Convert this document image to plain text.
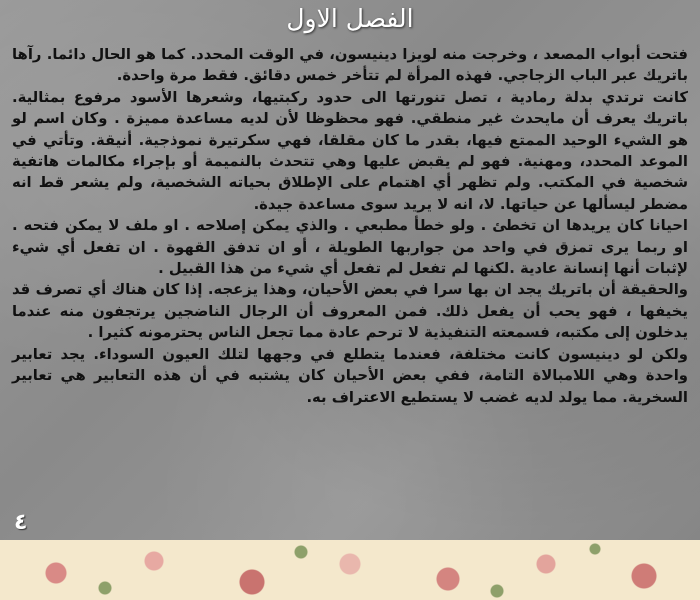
الفصل الاول

فتحت أبواب المصعد ، وخرجت منه لويزا دينيسون، في الوقت المحدد. كما هو الحال دائما. رآها باتريك عبر الباب الزجاجي. فهذه المرأة لم تتأخر خمس دقائق. فقط مرة واحدة.

كانت ترتدي بدلة رمادية ، تصل تنورتها الى حدود ركبتيها، وشعرها الأسود مرفوع بمثالية. باتريك يعرف أن مايحدث غير منطقي. فهو محظوظا لأن لديه مساعدة مميزة . وكان اسم لو هو الشيء الوحيد الممتع فيها، بقدر ما كان مقلقا، فهي سكرتيرة نموذجية. أنيقة. وتأتي في الموعد المحدد، ومهنية. فهو لم يقبض عليها وهي تتحدث بالنميمة أو بإجراء مكالمات هاتفية شخصية في المكتب. ولم تظهر أي اهتمام على الإطلاق بحياته الشخصية، ولم يشعر قط انه مضطر ليسألها عن حياتها. لا، انه لا يريد سوى مساعدة جيدة.

احيانا كان يريدها ان تخطئ . ولو خطأ مطبعي . والذي يمكن إصلاحه . او ملف لا يمكن فتحه . او ربما يرى تمزق في واحد من جواربها الطويلة ، أو ان تدفق القهوة . ان تفعل أي شيء لإثبات أنها إنسانة عادية .لكنها لم تفعل لم تفعل أي شيء من هذا القبيل .

والحقيقة أن باتريك يجد ان بها سرا في بعض الأحيان، وهذا يزعجه. إذا كان هناك أي تصرف قد يخيفها ، فهو يحب أن يفعل ذلك. فمن المعروف أن الرجال الناضجين يرتجفون منه عندما يدخلون إلى مكتبه، فسمعته التنفيذية لا ترحم عادة مما تجعل الناس يحترمونه كثيرا .

ولكن لو دينيسون كانت مختلفة، فعندما يتطلع في وجهها لتلك العيون السوداء. يجد تعابير واحدة وهي اللامبالاة التامة، ففي بعض الأحيان كان يشتبه في أن هذه التعابير هي تعابير السخرية. مما يولد لديه غضب لا يستطيع الاعتراف به.

٤
